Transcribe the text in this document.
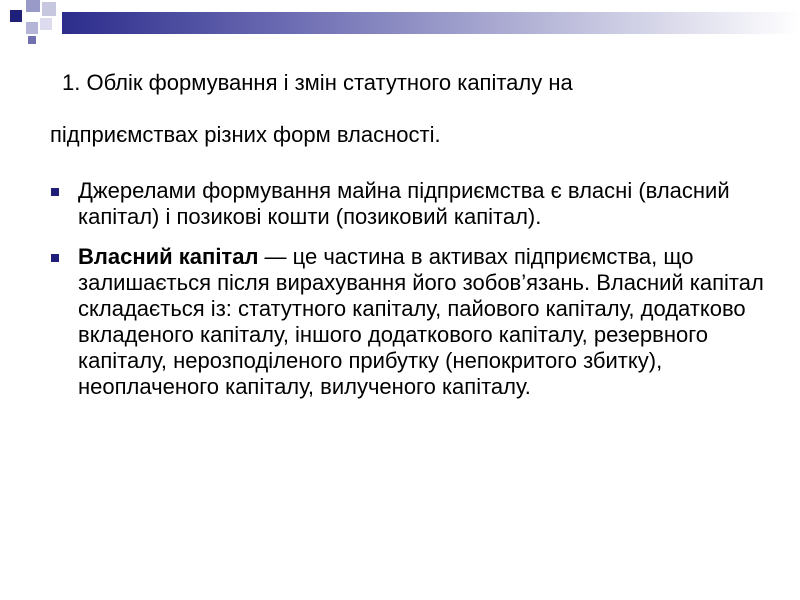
1. Облік формування і змін статутного капіталу на
підприємствах різних форм власності.
Джерелами формування майна підприємства є власні (власний капітал) і позикові кошти (позиковий капітал).
Власний капітал — це частина в активах підприємства, що залишається після вирахування його зобов’язань. Власний капітал складається із: статутного капіталу, пайового капіталу, додатково вкладеного капіталу, іншого додаткового капіталу, резервного капіталу, нерозподіленого прибутку (непокритого збитку), неоплаченого капіталу, вилученого капіталу.
